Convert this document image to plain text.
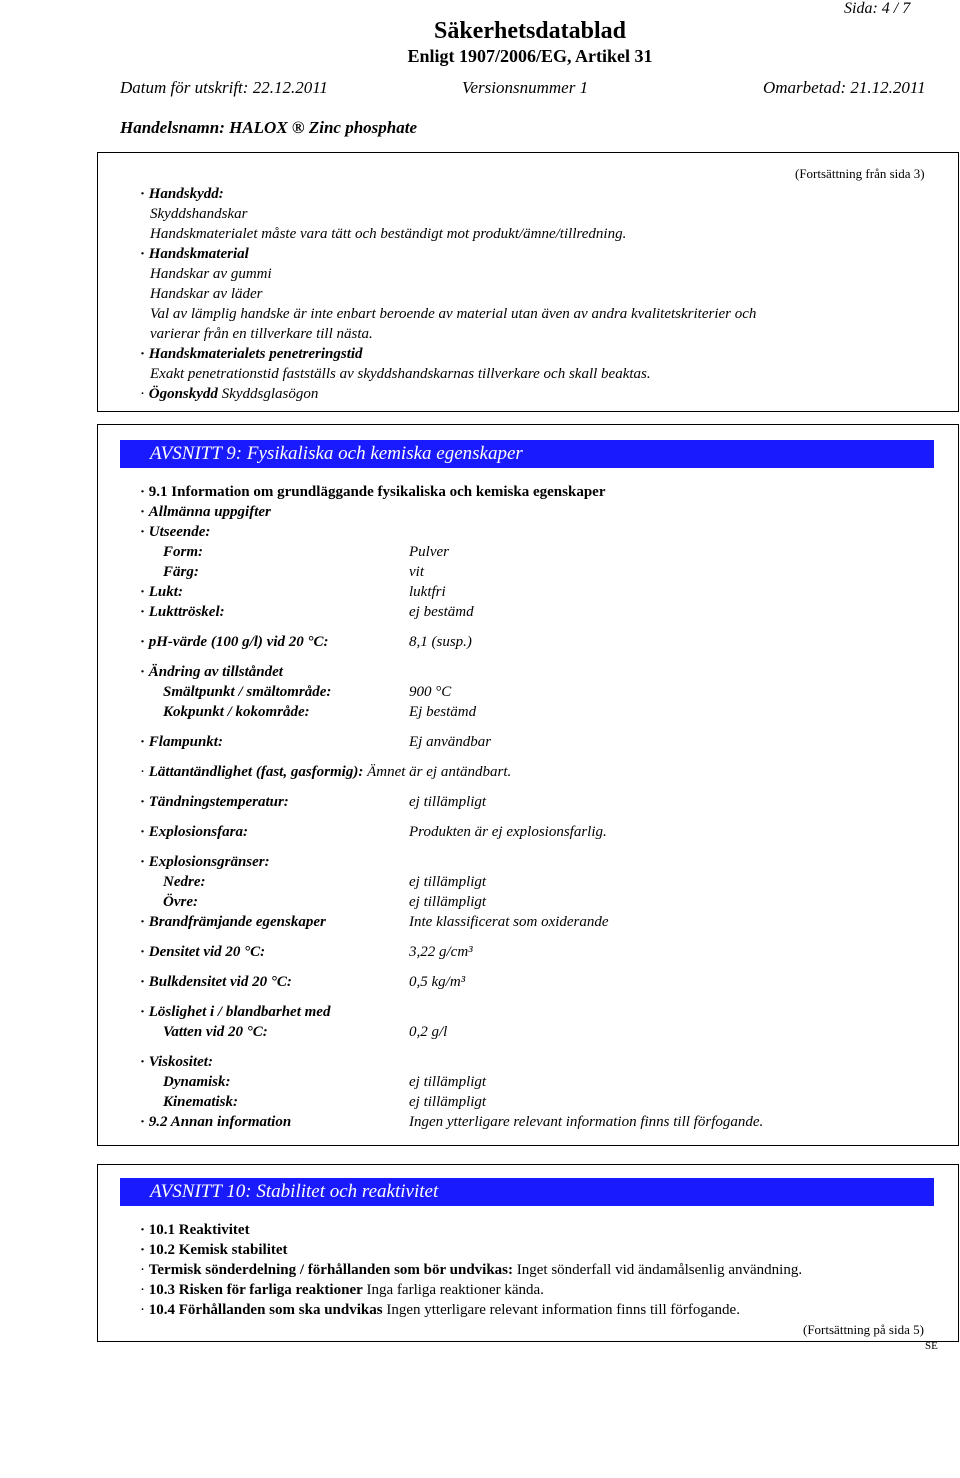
Sida: 4 / 7
Säkerhetsdatablad
Enligt 1907/2006/EG, Artikel 31
Datum för utskrift: 22.12.2011	Versionsnummer 1	Omarbetad: 21.12.2011
Handelsnamn: HALOX ® Zinc phosphate
(Fortsättning från sida 3)
· Handskydd:
Skyddshandskar
Handskmaterialet måste vara tätt och beständigt mot produkt/ämne/tillredning.
· Handskmaterial
Handskar av gummi
Handskar av läder
Val av lämplig handske är inte enbart beroende av material utan även av andra kvalitetskriterier och
varierar från en tillverkare till nästa.
· Handskmaterialets penetreringstid
Exakt penetrationstid fastställs av skyddshandskarnas tillverkare och skall beaktas.
· Ögonskydd Skyddsglasögon
AVSNITT 9: Fysikaliska och kemiska egenskaper
· 9.1 Information om grundläggande fysikaliska och kemiska egenskaper
· Allmänna uppgifter
· Utseende:
Form:	Pulver
Färg:	vit
· Lukt:	luktfri
· Lukttröskel:	ej bestämd
· pH-värde (100 g/l) vid 20 °C:	8,1 (susp.)
· Ändring av tillståndet
Smältpunkt / smältområde:	900 °C
Kokpunkt / kokområde:	Ej bestämd
· Flampunkt:	Ej användbar
· Lättantändlighet (fast, gasformig): Ämnet är ej antändbart.
· Tändningstemperatur:	ej tillämpligt
· Explosionsfara:	Produkten är ej explosionsfarlig.
· Explosionsgränser:
Nedre:	ej tillämpligt
Övre:	ej tillämpligt
· Brandfrämjande egenskaper	Inte klassificerat som oxiderande
· Densitet vid 20 °C:	3,22 g/cm³
· Bulkdensitet vid 20 °C:	0,5 kg/m³
· Löslighet i / blandbarhet med
Vatten vid 20 °C:	0,2 g/l
· Viskositet:
Dynamisk:	ej tillämpligt
Kinematisk:	ej tillämpligt
· 9.2 Annan information	Ingen ytterligare relevant information finns till förfogande.
AVSNITT 10: Stabilitet och reaktivitet
· 10.1 Reaktivitet
· 10.2 Kemisk stabilitet
· Termisk sönderdelning / förhållanden som bör undvikas: Inget sönderfall vid ändamålsenlig användning.
· 10.3 Risken för farliga reaktioner Inga farliga reaktioner kända.
· 10.4 Förhållanden som ska undvikas Ingen ytterligare relevant information finns till förfogande.
(Fortsättning på sida 5)
SE
